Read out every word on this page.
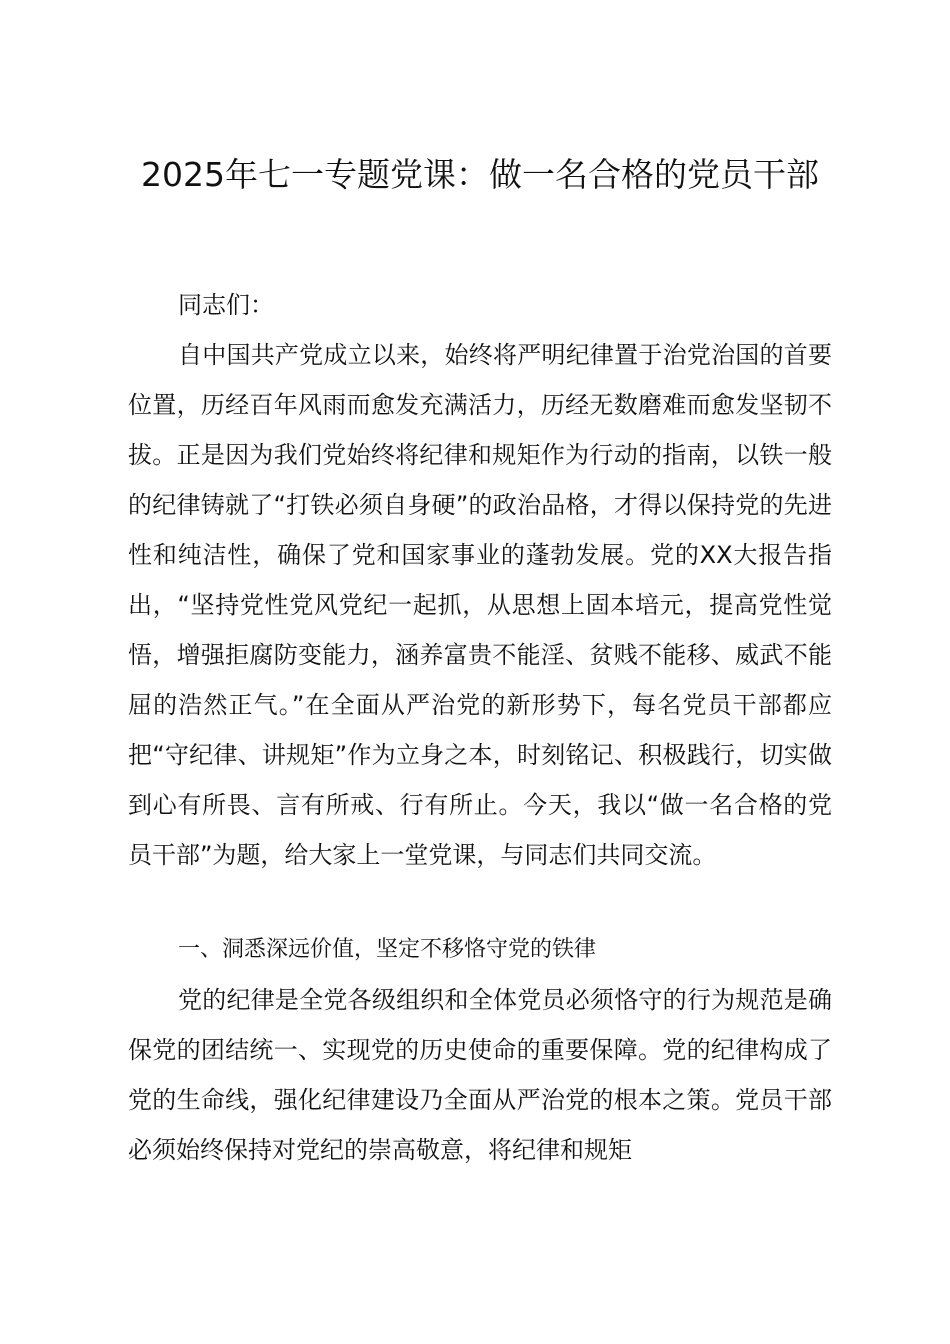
2025年七一专题党课：做一名合格的党员干部

同志们：

自中国共产党成立以来，始终将严明纪律置于治党治国的首要位置，历经百年风雨而愈发充满活力，历经无数磨难而愈发坚韧不拔。正是因为我们党始终将纪律和规矩作为行动的指南，以铁一般的纪律铸就了“打铁必须自身硬”的政治品格，才得以保持党的先进性和纯洁性，确保了党和国家事业的蓬勃发展。党的XX大报告指出，“坚持党性党风党纪一起抓，从思想上固本培元，提高党性觉悟，增强拒腐防变能力，涵养富贵不能淫、贫贱不能移、威武不能屈的浩然正气。”在全面从严治党的新形势下，每名党员干部都应把“守纪律、讲规矩”作为立身之本，时刻铭记、积极践行，切实做到心有所畏、言有所戒、行有所止。今天，我以“做一名合格的党员干部”为题，给大家上一堂党课，与同志们共同交流。

一、洞悉深远价值，坚定不移恪守党的铁律

党的纪律是全党各级组织和全体党员必须恪守的行为规范是确保党的团结统一、实现党的历史使命的重要保障。党的纪律构成了党的生命线，强化纪律建设乃全面从严治党的根本之策。党员干部必须始终保持对党纪的崇高敬意，将纪律和规矩
